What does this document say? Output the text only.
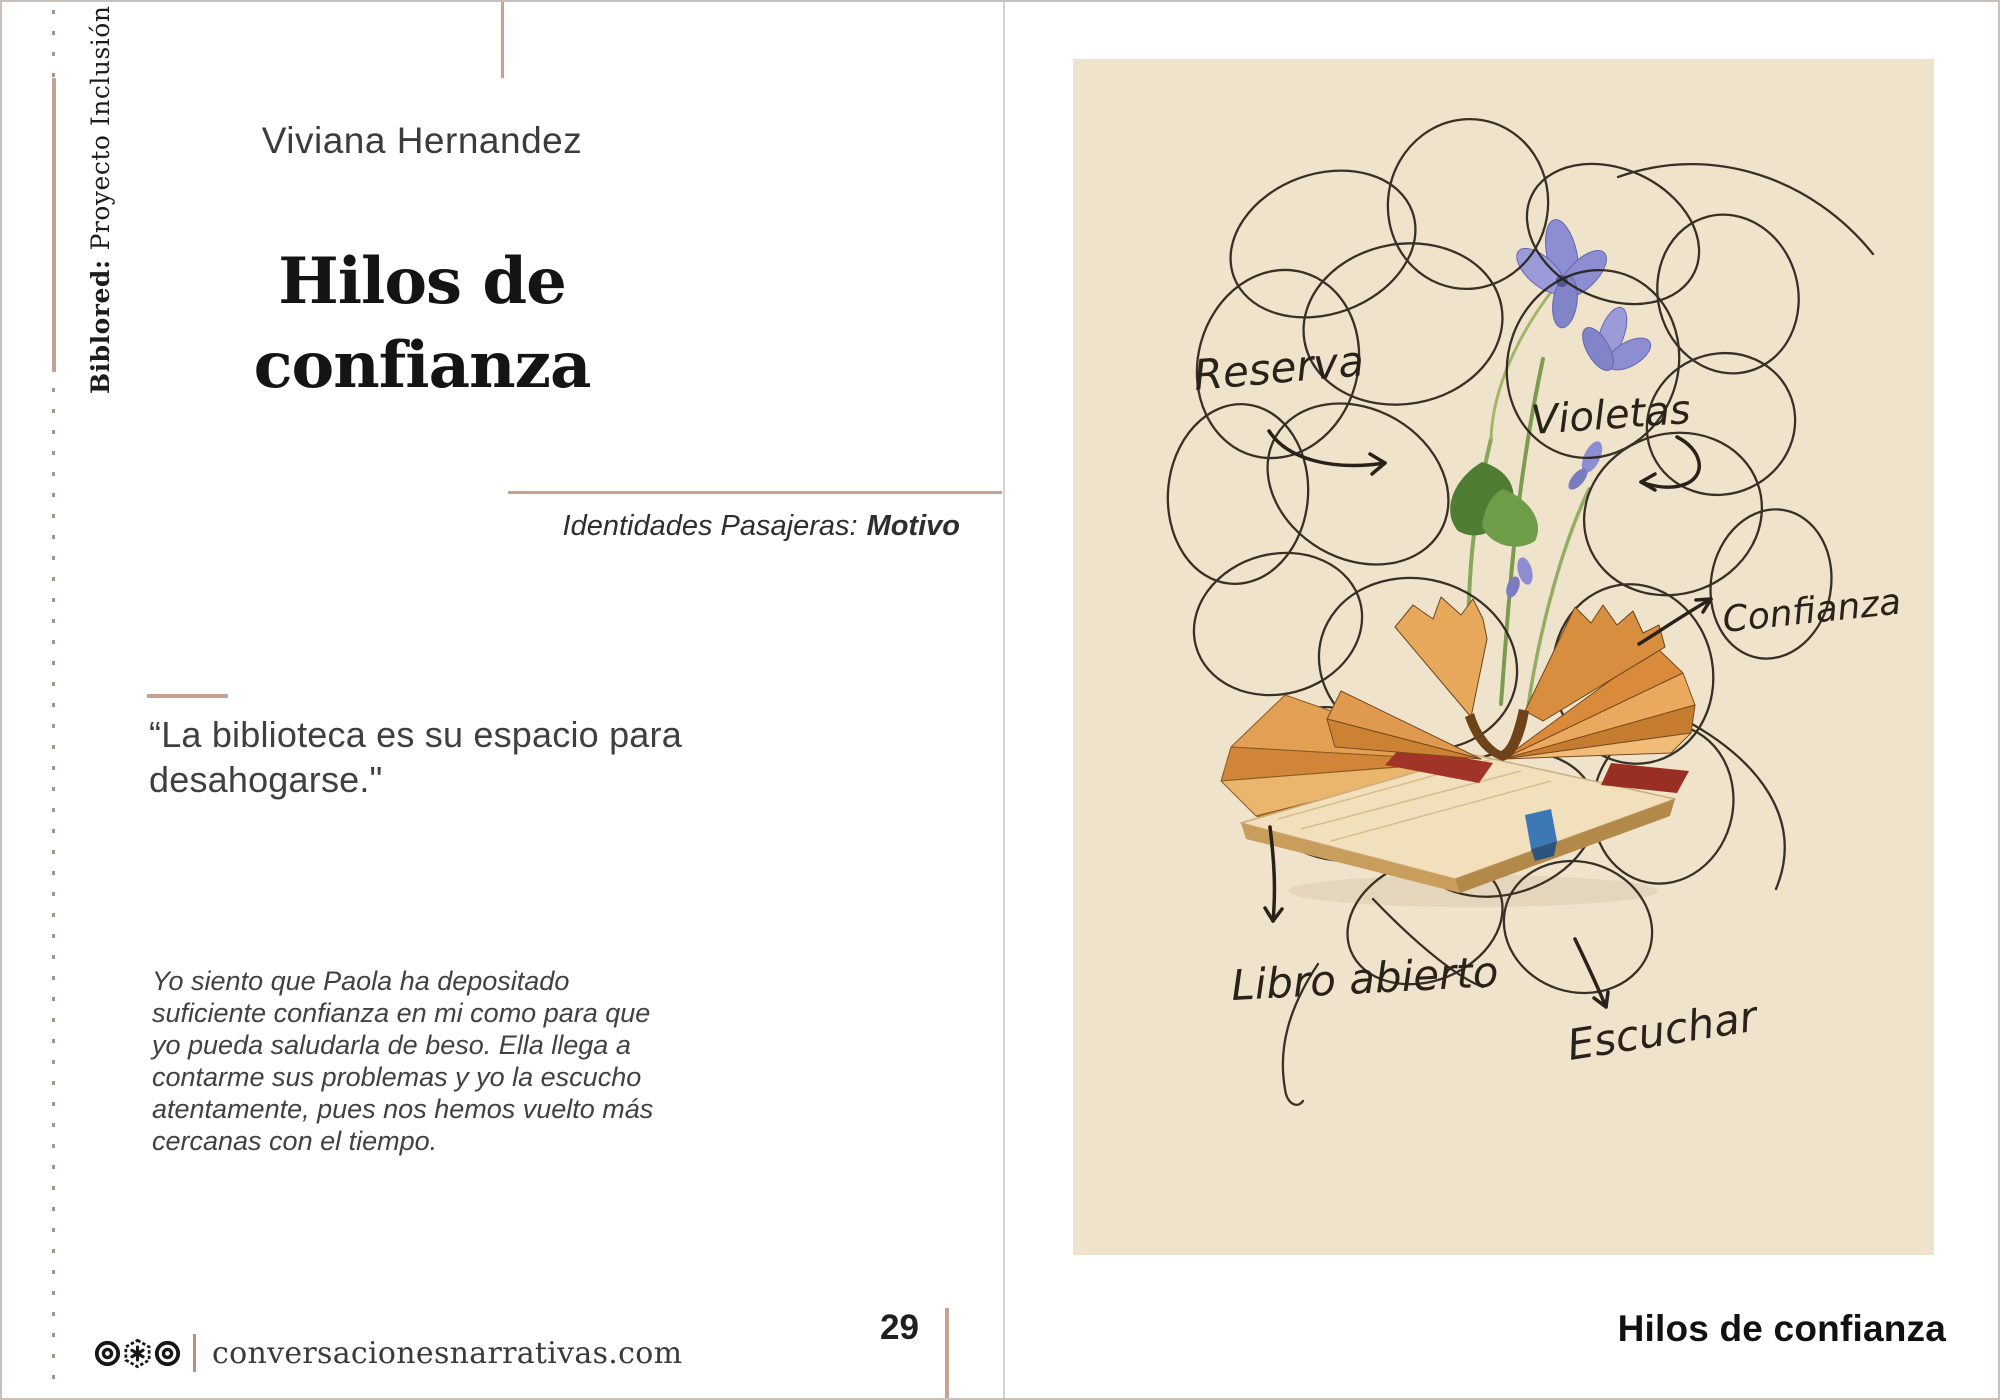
Biblored:Proyecto Inclusión	Viviana Hernandez
Hilos de
confianza
Identidades Pasajeras: Motivo
“La biblioteca es su espacio para
desahogarse."
Yo siento que Paola ha depositado
suficiente confianza en mi como para que
yo pueda saludarla de beso. Ella llega a
contarme sus problemas y yo la escucho
atentamente, pues nos hemos vuelto más
cercanas con el tiempo.
conversacionesnarrativas.com
29
Reserva
Violetas
Confianza
Libro abierto
Escuchar
Hilos de confianza
